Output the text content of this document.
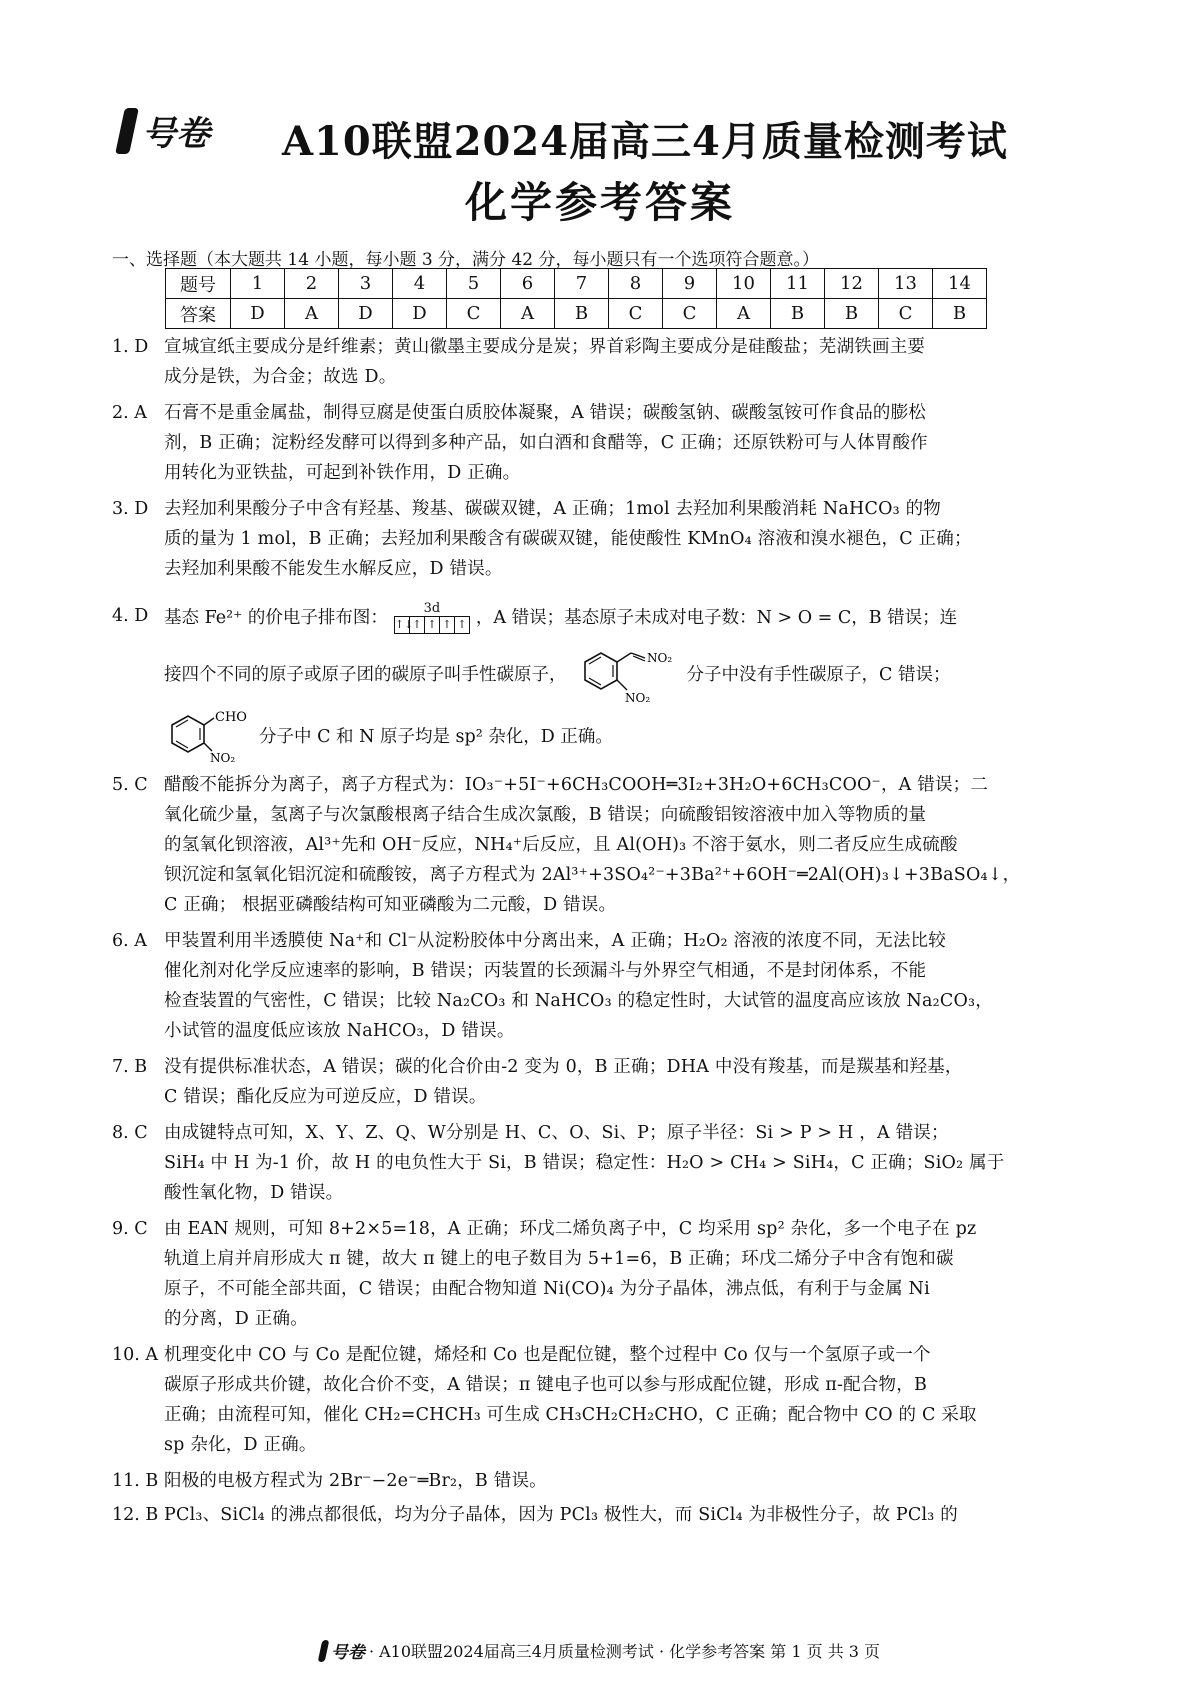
号卷 A10联盟2024届高三4月质量检测考试
化学参考答案
一、选择题（本大题共 14 小题，每小题 3 分，满分 42 分，每小题只有一个选项符合题意。）
题号	1	2	3	4	5	6	7	8	9	10	11	12	13	14
答案	D	A	D	D	C	A	B	C	C	A	B	B	C	B
1. D 宣城宣纸主要成分是纤维素；黄山徽墨主要成分是炭；界首彩陶主要成分是硅酸盐；芜湖铁画主要
成分是铁，为合金；故选 D。
2. A 石膏不是重金属盐，制得豆腐是使蛋白质胶体凝聚，A 错误；碳酸氢钠、碳酸氢铵可作食品的膨松
剂，B 正确；淀粉经发酵可以得到多种产品，如白酒和食醋等，C 正确；还原铁粉可与人体胃酸作
用转化为亚铁盐，可起到补铁作用，D 正确。
3. D 去羟加利果酸分子中含有羟基、羧基、碳碳双键，A 正确；1mol 去羟加利果酸消耗 NaHCO₃ 的物
质的量为 1 mol，B 正确；去羟加利果酸含有碳碳双键，能使酸性 KMnO₄ 溶液和溴水褪色，C 正确；
去羟加利果酸不能发生水解反应，D 错误。
4. D 基态 Fe²⁺ 的价电子排布图：	3d
↑↓
↑ ↑ ↑ ↑ ，A 错误；基态原子未成对电子数：N > O = C，B 错误；连
接四个不同的原子或原子团的碳原子叫手性碳原子，
NO₂
NO₂
分子中没有手性碳原子，C 错误；
CHO
NO₂
分子中 C 和 N 原子均是 sp² 杂化，D 正确。
5. C 醋酸不能拆分为离子，离子方程式为：IO₃⁻+5I⁻+6CH₃COOH═3I₂+3H₂O+6CH₃COO⁻，A 错误；二
氧化硫少量，氢离子与次氯酸根离子结合生成次氯酸，B 错误；向硫酸铝铵溶液中加入等物质的量
的氢氧化钡溶液，Al³⁺先和 OH⁻反应，NH₄⁺后反应，且 Al(OH)₃ 不溶于氨水，则二者反应生成硫酸
钡沉淀和氢氧化铝沉淀和硫酸铵，离子方程式为 2Al³⁺+3SO₄²⁻+3Ba²⁺+6OH⁻═2Al(OH)₃↓+3BaSO₄↓，
C 正确； 根据亚磷酸结构可知亚磷酸为二元酸，D 错误。
6. A 甲装置利用半透膜使 Na⁺和 Cl⁻从淀粉胶体中分离出来，A 正确；H₂O₂ 溶液的浓度不同，无法比较
催化剂对化学反应速率的影响，B 错误；丙装置的长颈漏斗与外界空气相通，不是封闭体系，不能
检查装置的气密性，C 错误；比较 Na₂CO₃ 和 NaHCO₃ 的稳定性时，大试管的温度高应该放 Na₂CO₃，
小试管的温度低应该放 NaHCO₃，D 错误。
7. B 没有提供标准状态，A 错误；碳的化合价由-2 变为 0，B 正确；DHA 中没有羧基，而是羰基和羟基，
C 错误；酯化反应为可逆反应，D 错误。
8. C 由成键特点可知，X、Y、Z、Q、W分别是 H、C、O、Si、P；原子半径：Si > P > H ，A 错误；
SiH₄ 中 H 为-1 价，故 H 的电负性大于 Si，B 错误；稳定性：H₂O > CH₄ > SiH₄，C 正确；SiO₂ 属于
酸性氧化物，D 错误。
9. C 由 EAN 规则，可知 8+2×5=18，A 正确；环戊二烯负离子中，C 均采用 sp² 杂化，多一个电子在 pz
轨道上肩并肩形成大 π 键，故大 π 键上的电子数目为 5+1=6，B 正确；环戊二烯分子中含有饱和碳
原子，不可能全部共面，C 错误；由配合物知道 Ni(CO)₄ 为分子晶体，沸点低，有利于与金属 Ni
的分离，D 正确。
10. A 机理变化中 CO 与 Co 是配位键，烯烃和 Co 也是配位键，整个过程中 Co 仅与一个氢原子或一个
碳原子形成共价键，故化合价不变，A 错误；π 键电子也可以参与形成配位键，形成 π-配合物，B
正确；由流程可知，催化 CH₂=CHCH₃ 可生成 CH₃CH₂CH₂CHO，C 正确；配合物中 CO 的 C 采取
sp 杂化，D 正确。
11. B 阳极的电极方程式为 2Br⁻−2e⁻═Br₂，B 错误。
12. B PCl₃、SiCl₄ 的沸点都很低，均为分子晶体，因为 PCl₃ 极性大，而 SiCl₄ 为非极性分子，故 PCl₃ 的
号卷 · A10联盟2024届高三4月质量检测考试 · 化学参考答案 第 1 页 共 3 页
